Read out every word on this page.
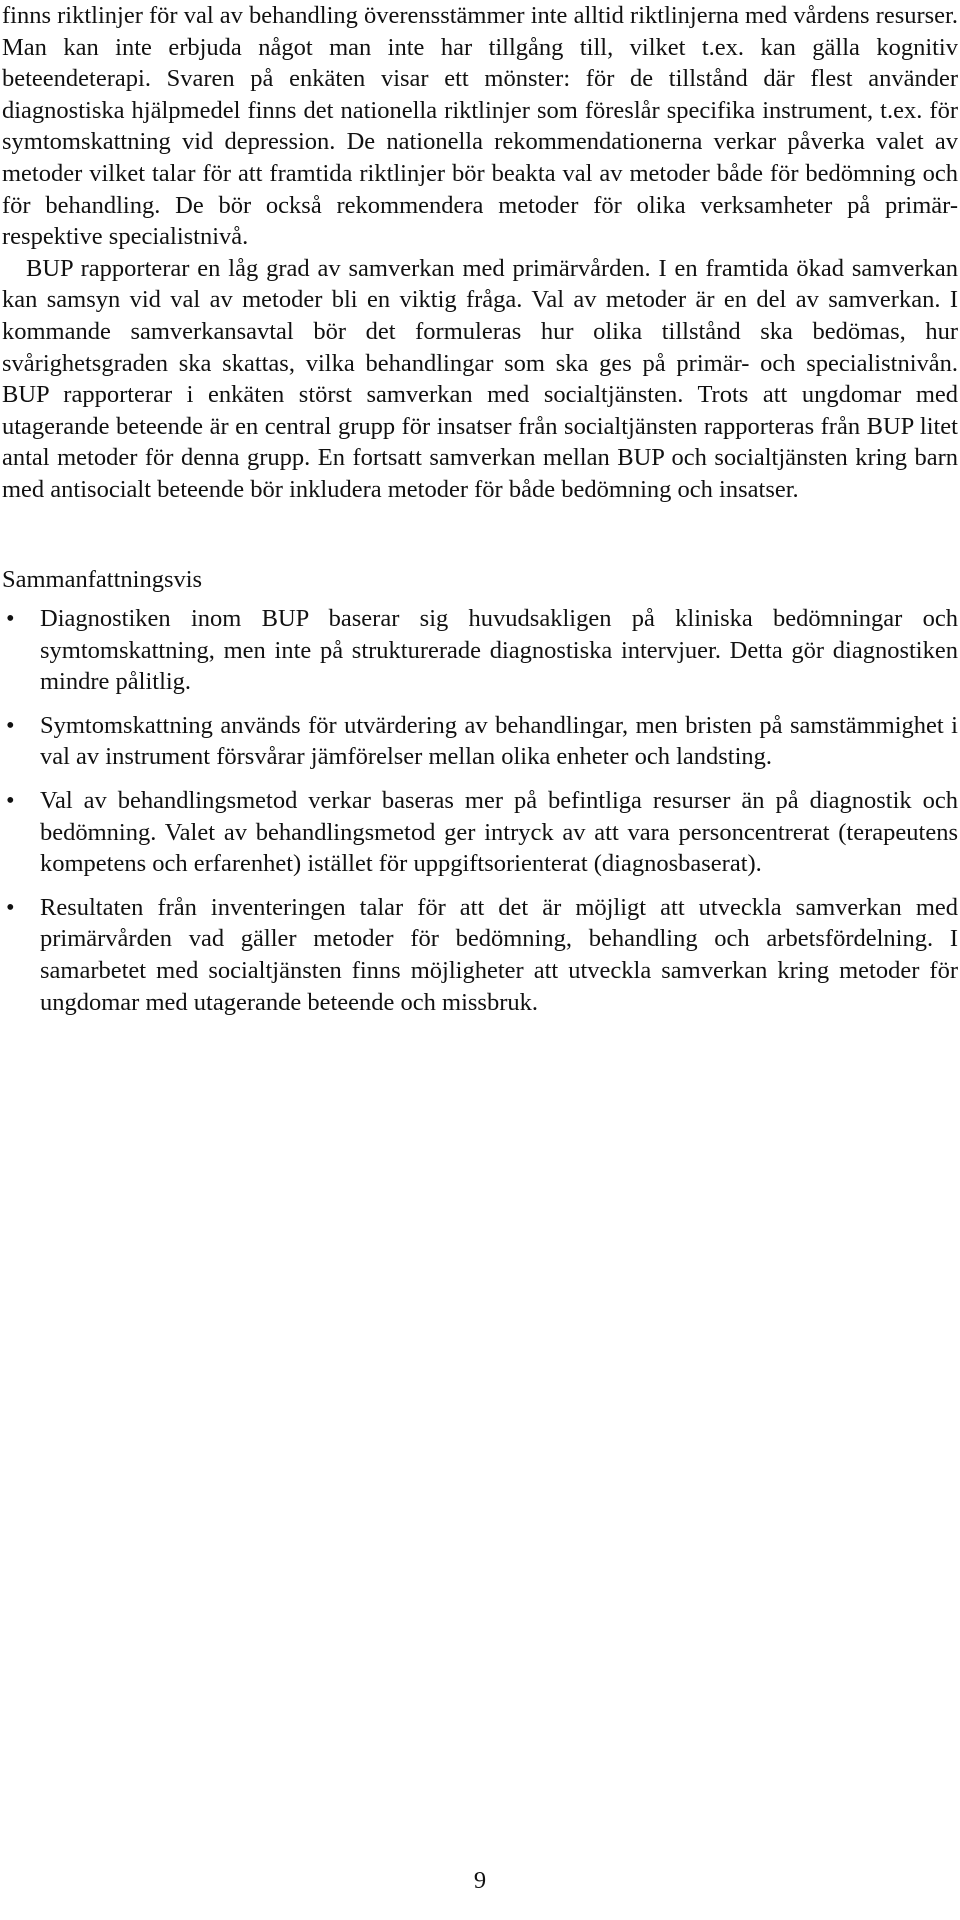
finns riktlinjer för val av behandling överensstämmer inte alltid riktlinjerna med vårdens resurser. Man kan inte erbjuda något man inte har tillgång till, vilket t.ex. kan gälla kognitiv beteendeterapi. Svaren på enkäten visar ett mönster: för de tillstånd där flest använder diagnostiska hjälpmedel finns det nationella riktlinjer som föreslår specifika instrument, t.ex. för symtomskattning vid depression. De nationella rekommendationerna verkar påverka valet av metoder vilket talar för att framtida riktlinjer bör beakta val av metoder både för bedömning och för behandling. De bör också rekommendera metoder för olika verksamheter på primär- respektive specialistnivå.

BUP rapporterar en låg grad av samverkan med primärvården. I en framtida ökad samverkan kan samsyn vid val av metoder bli en viktig fråga. Val av metoder är en del av samverkan. I kommande samverkansavtal bör det formuleras hur olika tillstånd ska bedömas, hur svårighetsgraden ska skattas, vilka behandlingar som ska ges på primär- och specialistnivån. BUP rapporterar i enkäten störst samverkan med socialtjänsten. Trots att ungdomar med utagerande beteende är en central grupp för insatser från socialtjänsten rapporteras från BUP litet antal metoder för denna grupp. En fortsatt samverkan mellan BUP och socialtjänsten kring barn med antisocialt beteende bör inkludera metoder för både bedömning och insatser.

Sammanfattningsvis
•	Diagnostiken inom BUP baserar sig huvudsakligen på kliniska bedömningar och symtomskattning, men inte på strukturerade diagnostiska intervjuer. Detta gör diagnostiken mindre pålitlig.
•	Symtomskattning används för utvärdering av behandlingar, men bristen på samstämmighet i val av instrument försvårar jämförelser mellan olika enheter och landsting.
•	Val av behandlingsmetod verkar baseras mer på befintliga resurser än på diagnostik och bedömning. Valet av behandlingsmetod ger intryck av att vara personcentrerat (terapeutens kompetens och erfarenhet) istället för uppgiftsorienterat (diagnosbaserat).
•	Resultaten från inventeringen talar för att det är möjligt att utveckla samverkan med primärvården vad gäller metoder för bedömning, behandling och arbetsfördelning. I samarbetet med socialtjänsten finns möjligheter att utveckla samverkan kring metoder för ungdomar med utagerande beteende och missbruk.
9
